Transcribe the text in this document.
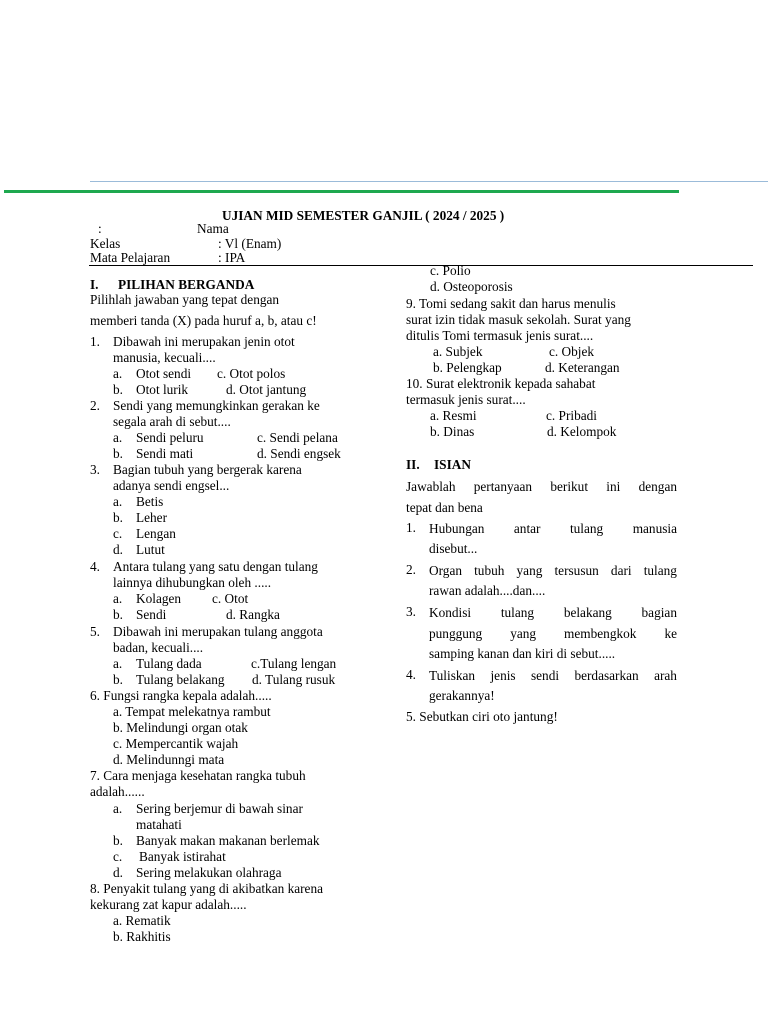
UJIAN MID SEMESTER GANJIL ( 2024 / 2025 )
:	Nama
Kelas	: Vl (Enam)
Mata Pelajaran	: IPA
I. PILIHAN BERGANDA
Pilihlah jawaban yang tepat dengan
memberi tanda (X) pada huruf a, b, atau c!
1. Dibawah ini merupakan jenin otot
manusia, kecuali....
a. Otot sendi c. Otot polos
b. Otot lurik	d. Otot jantung
2. Sendi yang memungkinkan gerakan ke
segala arah di sebut....
a. Sendi peluru	c. Sendi pelana
b. Sendi mati	d. Sendi engsek
3. Bagian tubuh yang bergerak karena
adanya sendi engsel...
a. Betis
b. Leher
c. Lengan
d. Lutut
4. Antara tulang yang satu dengan tulang
lainnya dihubungkan oleh .....
a. Kolagen c. Otot
b. Sendi	d. Rangka
5. Dibawah ini merupakan tulang anggota
badan, kecuali....
a. Tulang dada	c.Tulang lengan
b. Tulang belakang d. Tulang rusuk
6. Fungsi rangka kepala adalah.....
a. Tempat melekatnya rambut
b. Melindungi organ otak
c. Mempercantik wajah
d. Melindunngi mata
7. Cara menjaga kesehatan rangka tubuh
adalah......
a. Sering berjemur di bawah sinar
matahati
b. Banyak makan makanan berlemak
c. Banyak istirahat
d. Sering melakukan olahraga
8. Penyakit tulang yang di akibatkan karena
kekurang zat kapur adalah.....
a. Rematik
b. Rakhitis
c. Polio
d. Osteoporosis
9. Tomi sedang sakit dan harus menulis
surat izin tidak masuk sekolah. Surat yang
ditulis Tomi termasuk jenis surat....
a. Subjek	c. Objek
b. Pelengkap	d. Keterangan
10. Surat elektronik kepada sahabat
termasuk jenis surat....
a. Resmi	c. Pribadi
b. Dinas	d. Kelompok
II. ISIAN
Jawablah pertanyaan berikut ini dengan
tepat dan bena
1. Hubungan antar tulang manusia
disebut...
2. Organ tubuh yang tersusun dari tulang
rawan adalah....dan....
3. Kondisi tulang belakang bagian
punggung yang membengkok ke
samping kanan dan kiri di sebut.....
4. Tuliskan jenis sendi berdasarkan arah
gerakannya!
5. Sebutkan ciri oto jantung!
